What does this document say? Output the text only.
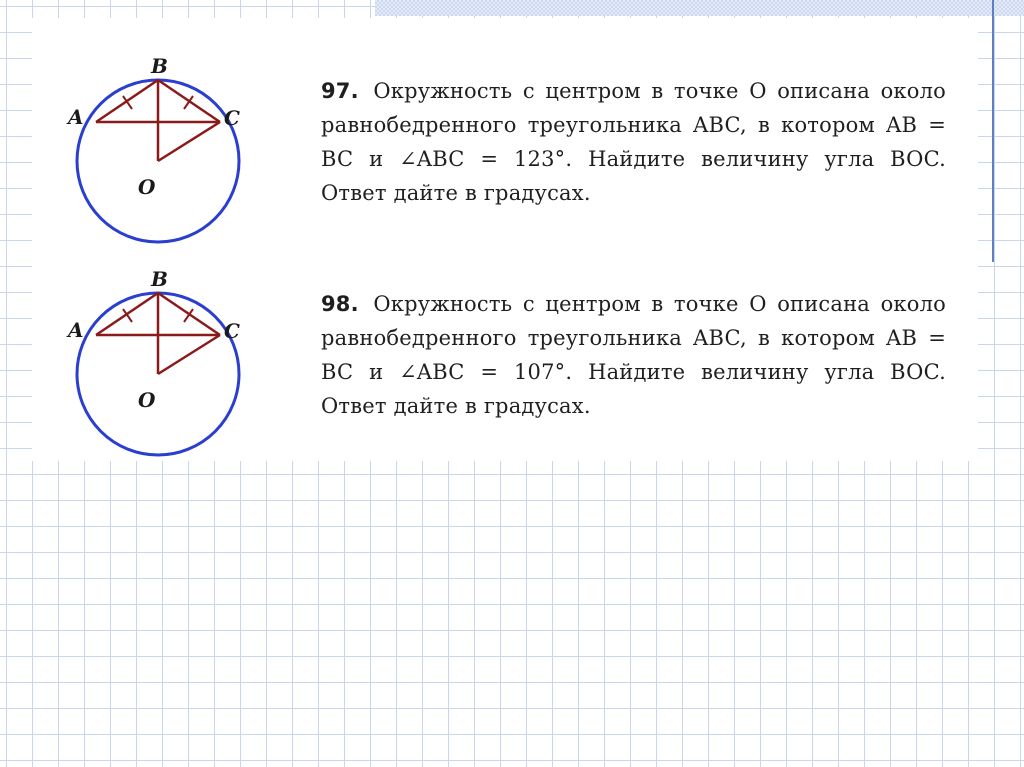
A
B
C
O
97. Окружность с центром в точке O описана около равнобедренного треугольника ABC, в котором AB = BC и ∠ABC = 123°. Найдите величину угла BOC. Ответ дайте в градусах.
A
B
C
O
98. Окружность с центром в точке O описана около равнобедренного треугольника ABC, в котором AB = BC и ∠ABC = 107°. Найдите величину угла BOC. Ответ дайте в градусах.
